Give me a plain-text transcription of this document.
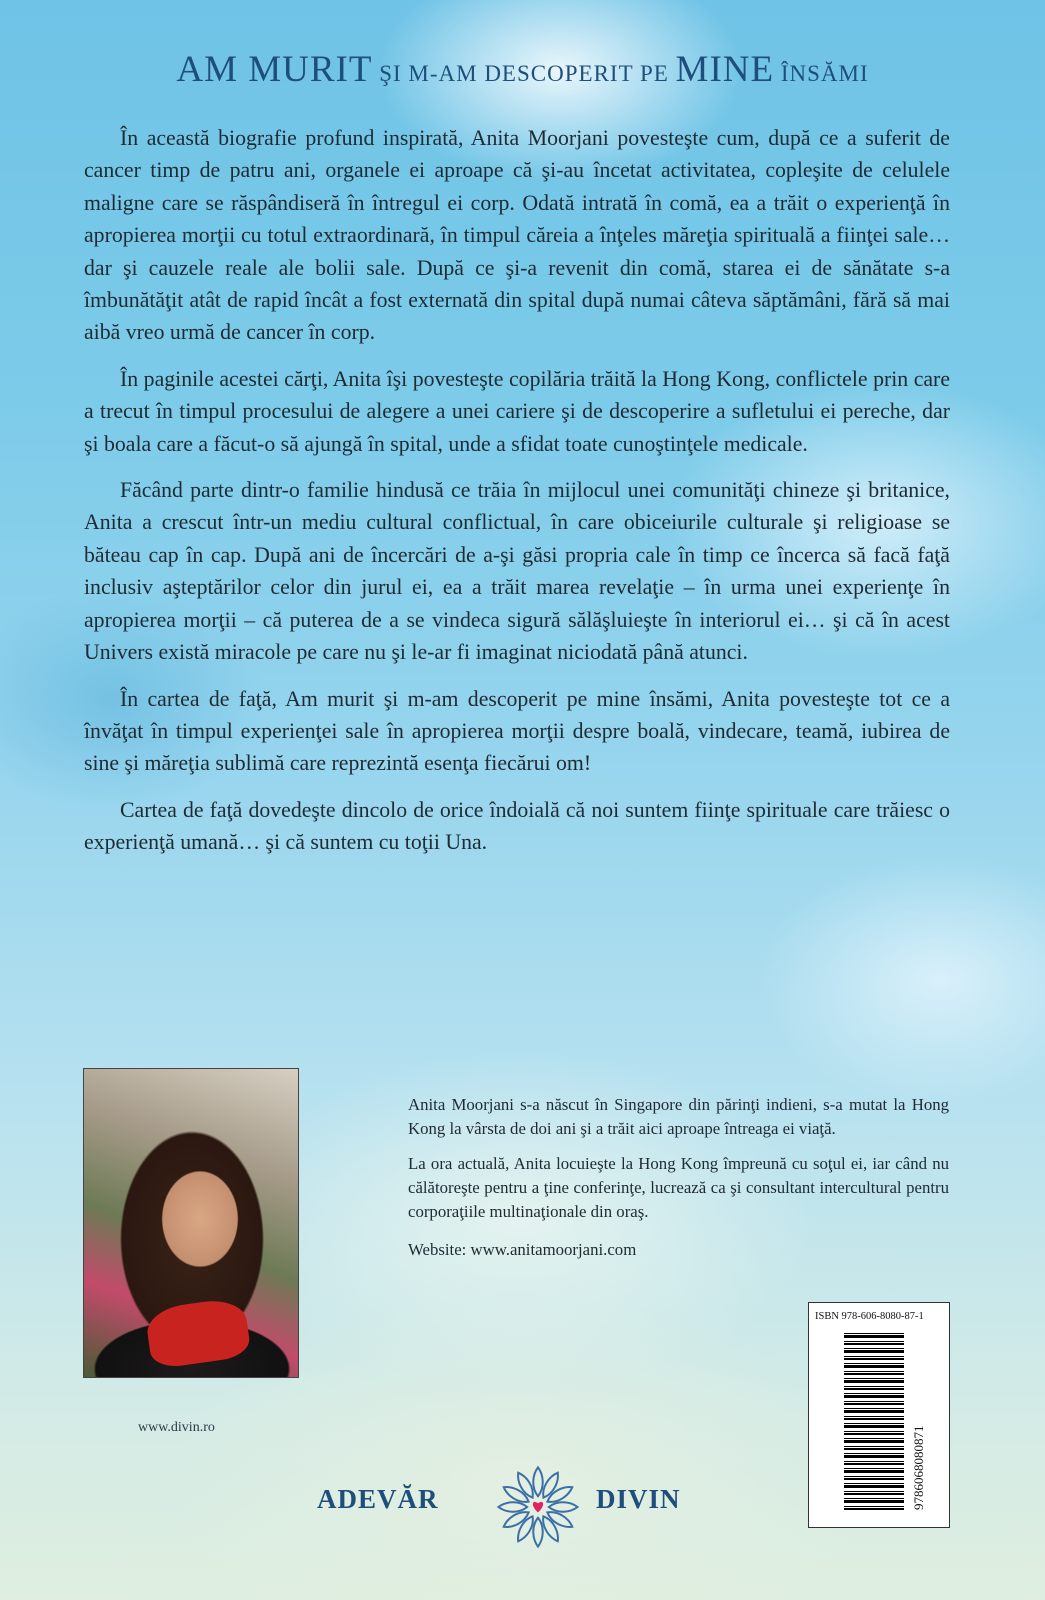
AM MURIT ŞI M-AM DESCOPERIT PE MINE ÎNSĂMI

În această biografie profund inspirată, Anita Moorjani povesteşte cum, după ce a suferit de cancer timp de patru ani, organele ei aproape că şi-au încetat activitatea, copleşite de celulele maligne care se răspândiseră în întregul ei corp. Odată intrată în comă, ea a trăit o experienţă în apropierea morţii cu totul extraordinară, în timpul căreia a înţeles măreţia spirituală a fiinţei sale… dar şi cauzele reale ale bolii sale. După ce şi-a revenit din comă, starea ei de sănătate s-a îmbunătăţit atât de rapid încât a fost externată din spital după numai câteva săptămâni, fără să mai aibă vreo urmă de cancer în corp.

În paginile acestei cărţi, Anita îşi povesteşte copilăria trăită la Hong Kong, conflictele prin care a trecut în timpul procesului de alegere a unei cariere şi de descoperire a sufletului ei pereche, dar şi boala care a făcut-o să ajungă în spital, unde a sfidat toate cunoştinţele medicale.

Făcând parte dintr-o familie hindusă ce trăia în mijlocul unei comunităţi chineze şi britanice, Anita a crescut într-un mediu cultural conflictual, în care obiceiurile culturale şi religioase se băteau cap în cap. După ani de încercări de a-şi găsi propria cale în timp ce încerca să facă faţă inclusiv aşteptărilor celor din jurul ei, ea a trăit marea revelaţie – în urma unei experienţe în apropierea morţii – că puterea de a se vindeca sigură sălăşluieşte în interiorul ei… şi că în acest Univers există miracole pe care nu şi le-ar fi imaginat niciodată până atunci.

În cartea de faţă, Am murit şi m-am descoperit pe mine însămi, Anita povesteşte tot ce a învăţat în timpul experienţei sale în apropierea morţii despre boală, vindecare, teamă, iubirea de sine şi măreţia sublimă care reprezintă esenţa fiecărui om!

Cartea de faţă dovedeşte dincolo de orice îndoială că noi suntem fiinţe spirituale care trăiesc o experienţă umană… şi că suntem cu toţii Una.

Anita Moorjani s-a născut în Singapore din părinţi indieni, s-a mutat la Hong Kong la vârsta de doi ani şi a trăit aici aproape întreaga ei viaţă.

La ora actuală, Anita locuieşte la Hong Kong împreună cu soţul ei, iar când nu călătoreşte pentru a ţine conferinţe, lucrează ca şi consultant intercultural pentru corporaţiile multinaţionale din oraş.

Website: www.anitamoorjani.com

ISBN 978-606-8080-87-1
9786068080871
www.divin.ro
ADEVĂR	DIVIN
